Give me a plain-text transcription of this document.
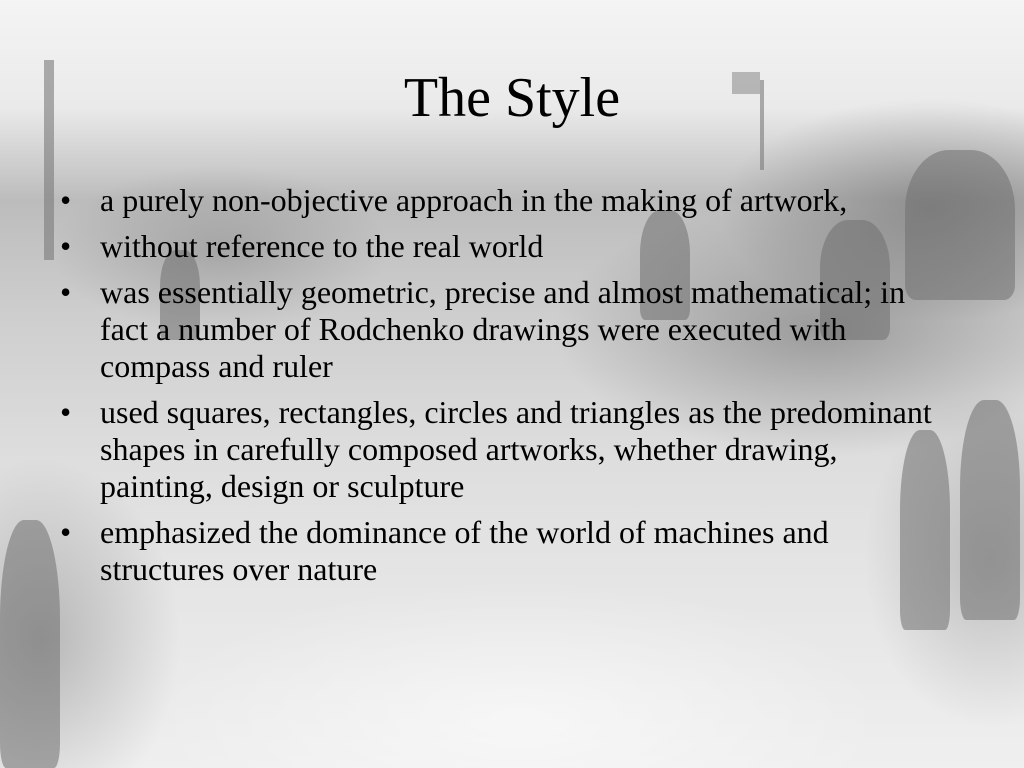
The Style
• a purely non-objective approach in the making of artwork,
• without reference to the real world
• was essentially geometric, precise and almost mathematical; in fact a number of Rodchenko drawings were executed with compass and ruler
• used squares, rectangles, circles and triangles as the predominant shapes in carefully composed artworks, whether drawing, painting, design or sculpture
• emphasized the dominance of the world of machines and structures over nature
